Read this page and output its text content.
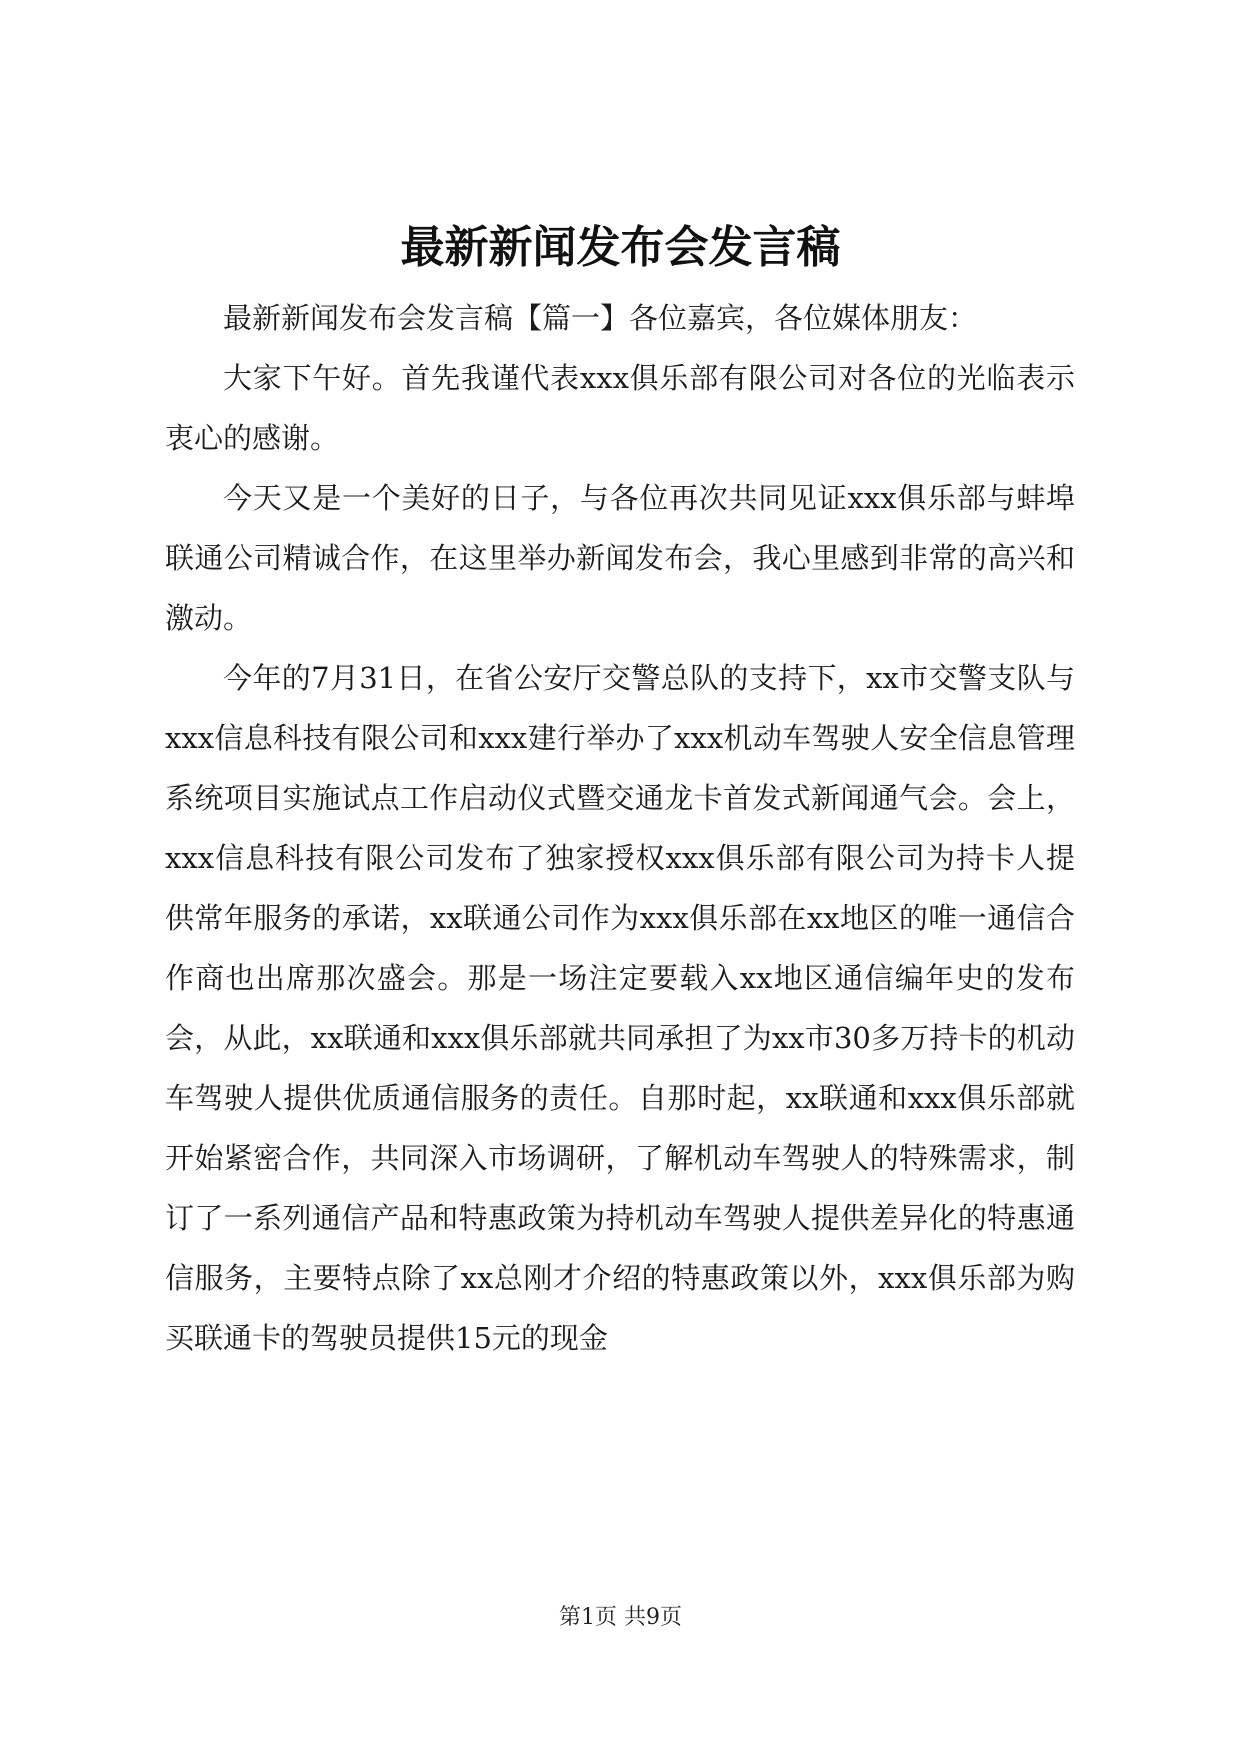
最新新闻发布会发言稿

最新新闻发布会发言稿【篇一】各位嘉宾，各位媒体朋友：

大家下午好。首先我谨代表xxx俱乐部有限公司对各位的光临表示衷心的感谢。

今天又是一个美好的日子，与各位再次共同见证xxx俱乐部与蚌埠联通公司精诚合作，在这里举办新闻发布会，我心里感到非常的高兴和激动。

今年的7月31日，在省公安厅交警总队的支持下，xx市交警支队与xxx信息科技有限公司和xxx建行举办了xxx机动车驾驶人安全信息管理系统项目实施试点工作启动仪式暨交通龙卡首发式新闻通气会。会上，xxx信息科技有限公司发布了独家授权xxx俱乐部有限公司为持卡人提供常年服务的承诺，xx联通公司作为xxx俱乐部在xx地区的唯一通信合作商也出席那次盛会。那是一场注定要载入xx地区通信编年史的发布会，从此，xx联通和xxx俱乐部就共同承担了为xx市30多万持卡的机动车驾驶人提供优质通信服务的责任。自那时起，xx联通和xxx俱乐部就开始紧密合作，共同深入市场调研，了解机动车驾驶人的特殊需求，制订了一系列通信产品和特惠政策为持机动车驾驶人提供差异化的特惠通信服务，主要特点除了xx总刚才介绍的特惠政策以外，xxx俱乐部为购买联通卡的驾驶员提供15元的现金

第1页 共9页
